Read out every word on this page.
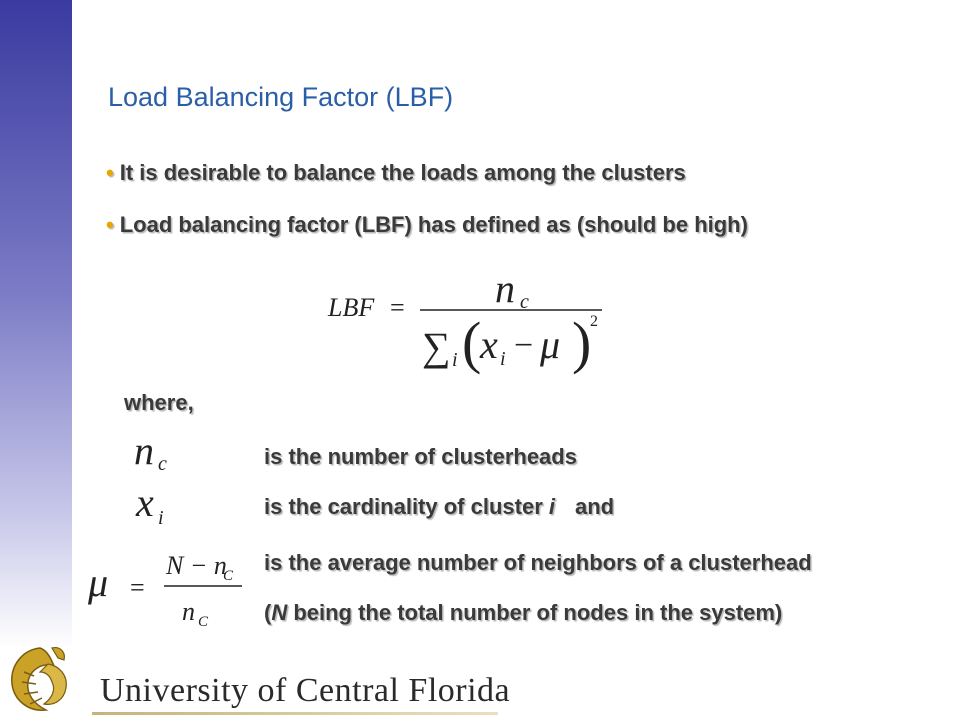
Load Balancing Factor (LBF)
• It is desirable to balance the loads among the clusters
• Load balancing factor (LBF) has defined as (should be high)
LBF = n c
∑ i (
x i − μ )
2
where,
n c	is the number of clusterheads
x i	is the cardinality of cluster i and
μ =
N − n
C
n C
is the average number of neighbors of a clusterhead
(N being the total number of nodes in the system)
University of Central Florida
